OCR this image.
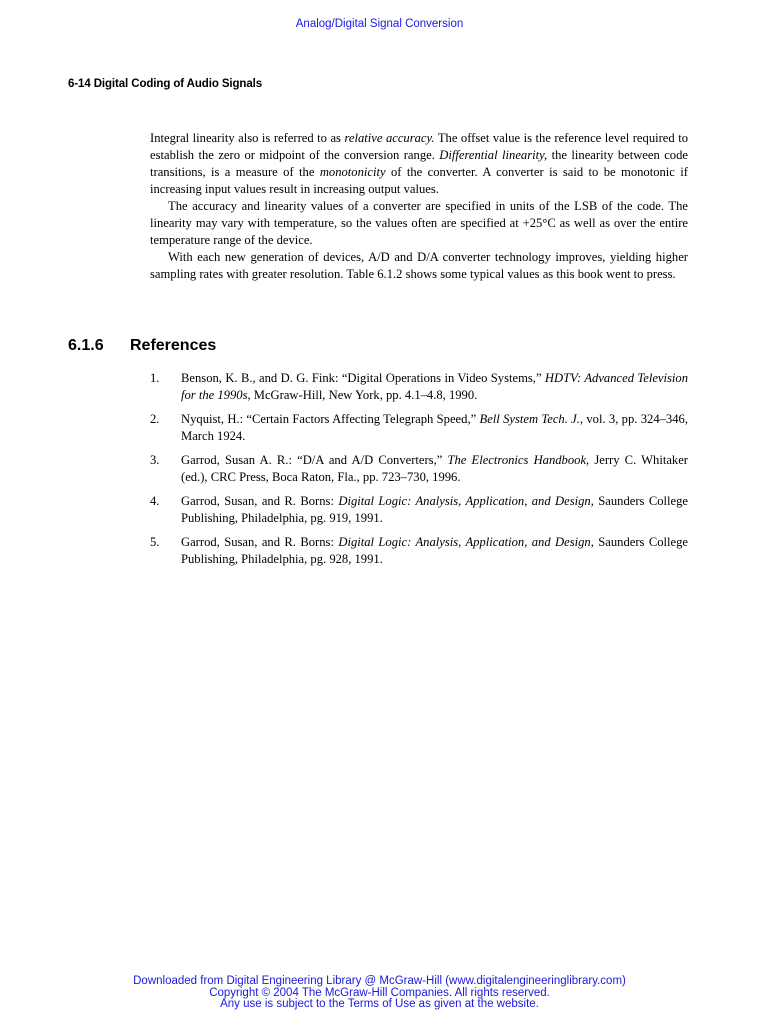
Analog/Digital Signal Conversion
6-14 Digital Coding of Audio Signals

Integral linearity also is referred to as relative accuracy. The offset value is the reference level required to establish the zero or midpoint of the conversion range. Differential linearity, the linearity between code transitions, is a measure of the monotonicity of the converter. A converter is said to be monotonic if increasing input values result in increasing output values.

The accuracy and linearity values of a converter are specified in units of the LSB of the code. The linearity may vary with temperature, so the values often are specified at +25°C as well as over the entire temperature range of the device.

With each new generation of devices, A/D and D/A converter technology improves, yielding higher sampling rates with greater resolution. Table 6.1.2 shows some typical values as this book went to press.

6.1.6 References
1. Benson, K. B., and D. G. Fink: “Digital Operations in Video Systems,” HDTV: Advanced Television for the 1990s, McGraw-Hill, New York, pp. 4.1–4.8, 1990.
2. Nyquist, H.: “Certain Factors Affecting Telegraph Speed,” Bell System Tech. J., vol. 3, pp. 324–346, March 1924.
3. Garrod, Susan A. R.: “D/A and A/D Converters,” The Electronics Handbook, Jerry C. Whitaker (ed.), CRC Press, Boca Raton, Fla., pp. 723–730, 1996.
4. Garrod, Susan, and R. Borns: Digital Logic: Analysis, Application, and Design, Saunders College Publishing, Philadelphia, pg. 919, 1991.
5. Garrod, Susan, and R. Borns: Digital Logic: Analysis, Application, and Design, Saunders College Publishing, Philadelphia, pg. 928, 1991.
Downloaded from Digital Engineering Library @ McGraw-Hill (www.digitalengineeringlibrary.com)
Copyright © 2004 The McGraw-Hill Companies. All rights reserved.
Any use is subject to the Terms of Use as given at the website.
